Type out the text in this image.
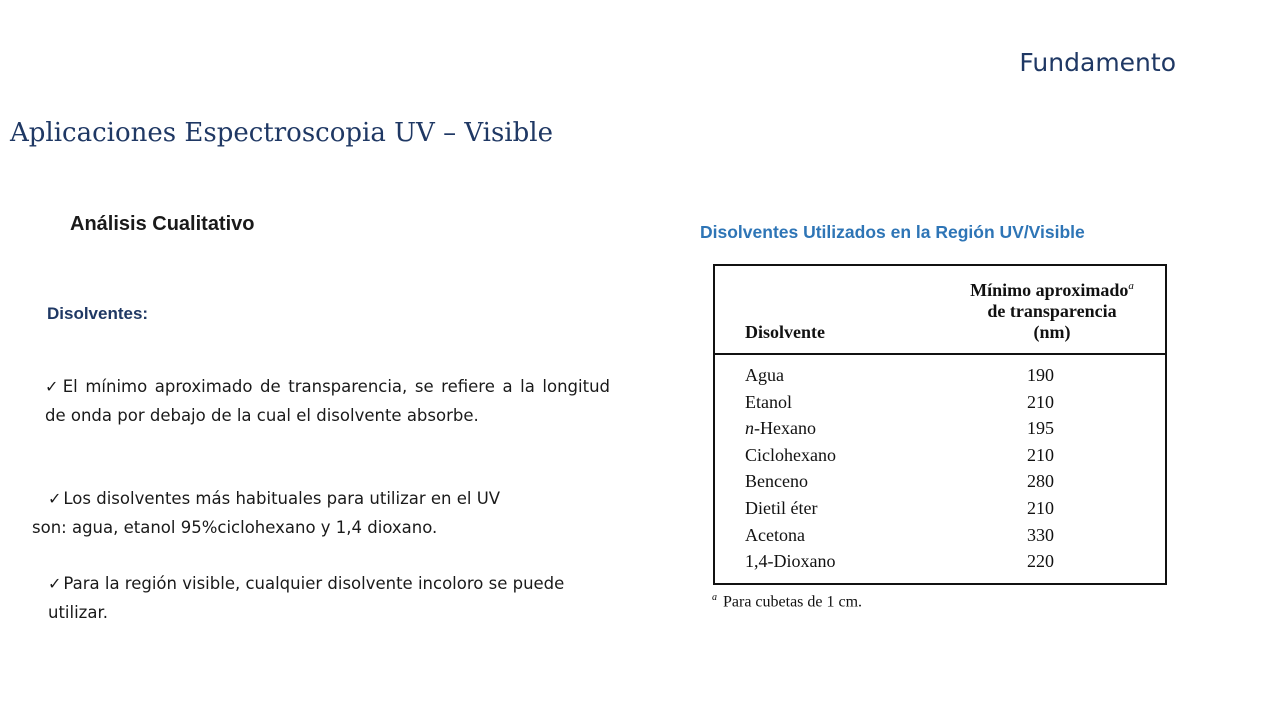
Fundamento
Aplicaciones Espectroscopia UV – Visible
Análisis Cualitativo
Disolventes:
✓ El mínimo aproximado de transparencia, se refiere a la longitud de onda por debajo de la cual el disolvente absorbe.
✓ Los disolventes más habituales para utilizar en el UV
son: agua, etanol 95%ciclohexano y 1,4 dioxano.
✓ Para la región visible, cualquier disolvente incoloro se puede utilizar.
Disolventes Utilizados en la Región UV/Visible
Disolvente
Mínimo aproximado$^a$
de transparencia
(nm)
Agua	190
Etanol	210
n-Hexano	195
Ciclohexano	210
Benceno	280
Dietil éter	210
Acetona	330
1,4-Dioxano	220
$^a$ Para cubetas de 1 cm.
